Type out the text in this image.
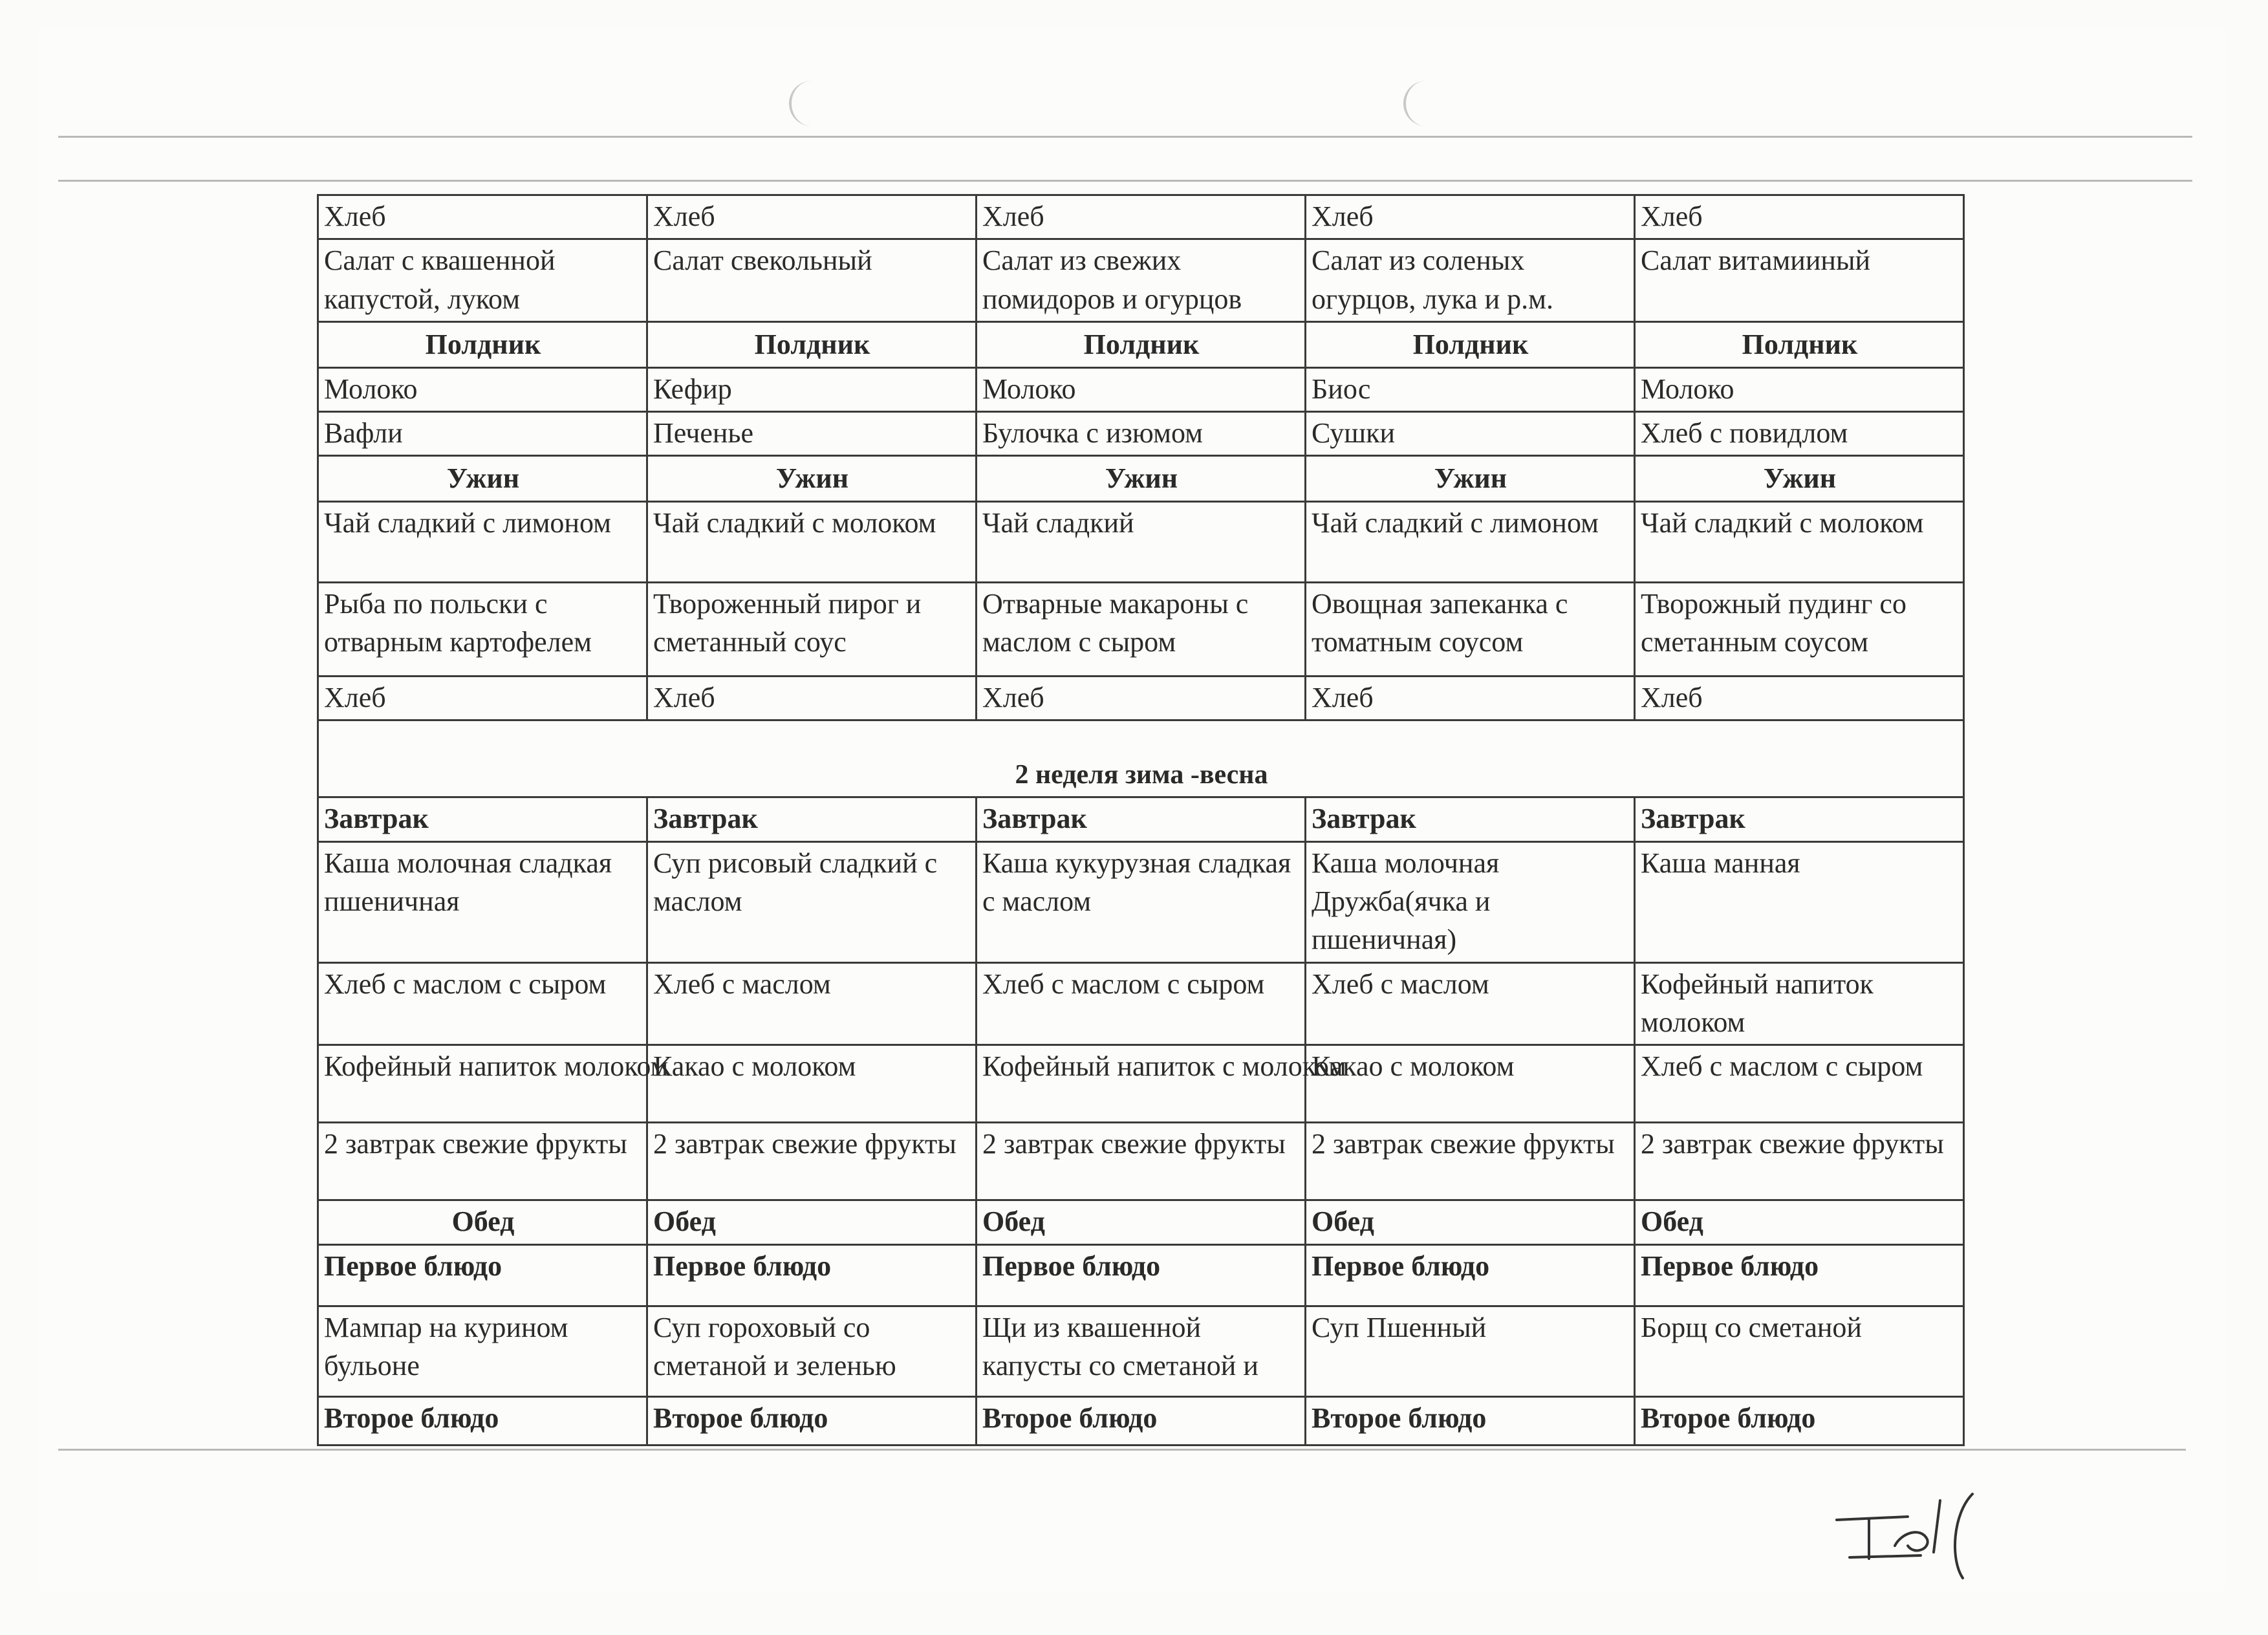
Хлеб	Хлеб	Хлеб	Хлеб	Хлеб
Салат с квашенной капустой, луком	Салат свекольный	Салат из свежих помидоров и огурцов	Салат из соленых огурцов, лука и р.м.	Салат витамииный
Полдник	Полдник	Полдник	Полдник	Полдник
Молоко	Кефир	Молоко	Биос	Молоко
Вафли	Печенье	Булочка с изюмом	Сушки	Хлеб с повидлом
Ужин	Ужин	Ужин	Ужин	Ужин
Чай сладкий с лимоном	Чай сладкий с молоком	Чай сладкий	Чай сладкий с лимоном	Чай сладкий с молоком
Рыба по польски с отварным картофелем	Твороженный пирог и сметанный соус	Отварные макароны с маслом с сыром	Овощная запеканка с томатным соусом	Творожный пудинг со сметанным соусом
Хлеб	Хлеб	Хлеб	Хлеб	Хлеб
2 неделя зима -весна				
Завтрак	Завтрак	Завтрак	Завтрак	Завтрак
Каша молочная сладкая пшеничная	Суп рисовый сладкий с маслом	Каша кукурузная сладкая с маслом	Каша молочная Дружба(ячка и пшеничная)	Каша манная
Хлеб с маслом с сыром	Хлеб с маслом	Хлеб с маслом с сыром	Хлеб с маслом	Кофейный напиток молоком
Кофейный напиток молоком	Какао с молоком	Кофейный напиток с молоком	Какао с молоком	Хлеб с маслом с сыром
2 завтрак свежие фрукты	2 завтрак свежие фрукты	2 завтрак свежие фрукты	2 завтрак свежие фрукты	2 завтрак свежие фрукты
Обед	Обед	Обед	Обед	Обед
Первое блюдо	Первое блюдо	Первое блюдо	Первое блюдо	Первое блюдо
Мампар на курином бульоне	Суп гороховый со сметаной и зеленью	Щи из квашенной капусты со сметаной и	Суп Пшенный	Борщ со сметаной
Второе блюдо	Второе блюдо	Второе блюдо	Второе блюдо	Второе блюдо
